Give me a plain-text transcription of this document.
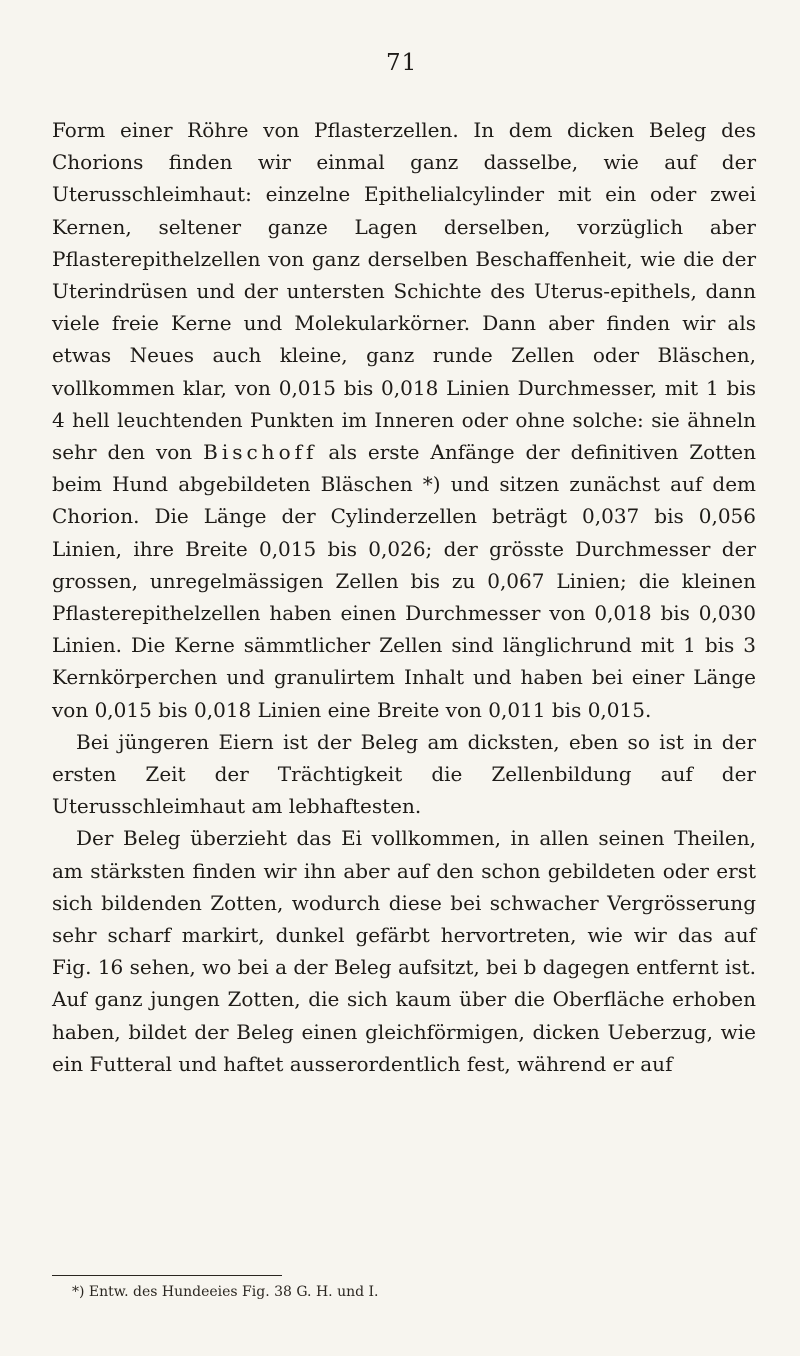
71

Form einer Röhre von Pflasterzellen. In dem dicken Beleg des Chorions finden wir einmal ganz dasselbe, wie auf der Uterusschleimhaut: einzelne Epithelialcylinder mit ein oder zwei Kernen, seltener ganze Lagen derselben, vorzüglich aber Pflasterepithelzellen von ganz derselben Beschaffenheit, wie die der Uterindrüsen und der untersten Schichte des Uterus-epithels, dann viele freie Kerne und Molekularkörner. Dann aber finden wir als etwas Neues auch kleine, ganz runde Zellen oder Bläschen, vollkommen klar, von 0,015 bis 0,018 Linien Durchmesser, mit 1 bis 4 hell leuchtenden Punkten im Inneren oder ohne solche: sie ähneln sehr den von Bischoff als erste Anfänge der definitiven Zotten beim Hund abgebildeten Bläschen *) und sitzen zunächst auf dem Chorion. Die Länge der Cylinderzellen beträgt 0,037 bis 0,056 Linien, ihre Breite 0,015 bis 0,026; der grösste Durchmesser der grossen, unregelmässigen Zellen bis zu 0,067 Linien; die kleinen Pflasterepithelzellen haben einen Durchmesser von 0,018 bis 0,030 Linien. Die Kerne sämmtlicher Zellen sind länglichrund mit 1 bis 3 Kernkörperchen und granulirtem Inhalt und haben bei einer Länge von 0,015 bis 0,018 Linien eine Breite von 0,011 bis 0,015.

Bei jüngeren Eiern ist der Beleg am dicksten, eben so ist in der ersten Zeit der Trächtigkeit die Zellenbildung auf der Uterusschleimhaut am lebhaftesten.

Der Beleg überzieht das Ei vollkommen, in allen seinen Theilen, am stärksten finden wir ihn aber auf den schon gebildeten oder erst sich bildenden Zotten, wodurch diese bei schwacher Vergrösserung sehr scharf markirt, dunkel gefärbt hervortreten, wie wir das auf Fig. 16 sehen, wo bei a der Beleg aufsitzt, bei b dagegen entfernt ist. Auf ganz jungen Zotten, die sich kaum über die Oberfläche erhoben haben, bildet der Beleg einen gleichförmigen, dicken Ueberzug, wie ein Futteral und haftet ausserordentlich fest, während er auf

*) Entw. des Hundeeies Fig. 38 G. H. und I.
